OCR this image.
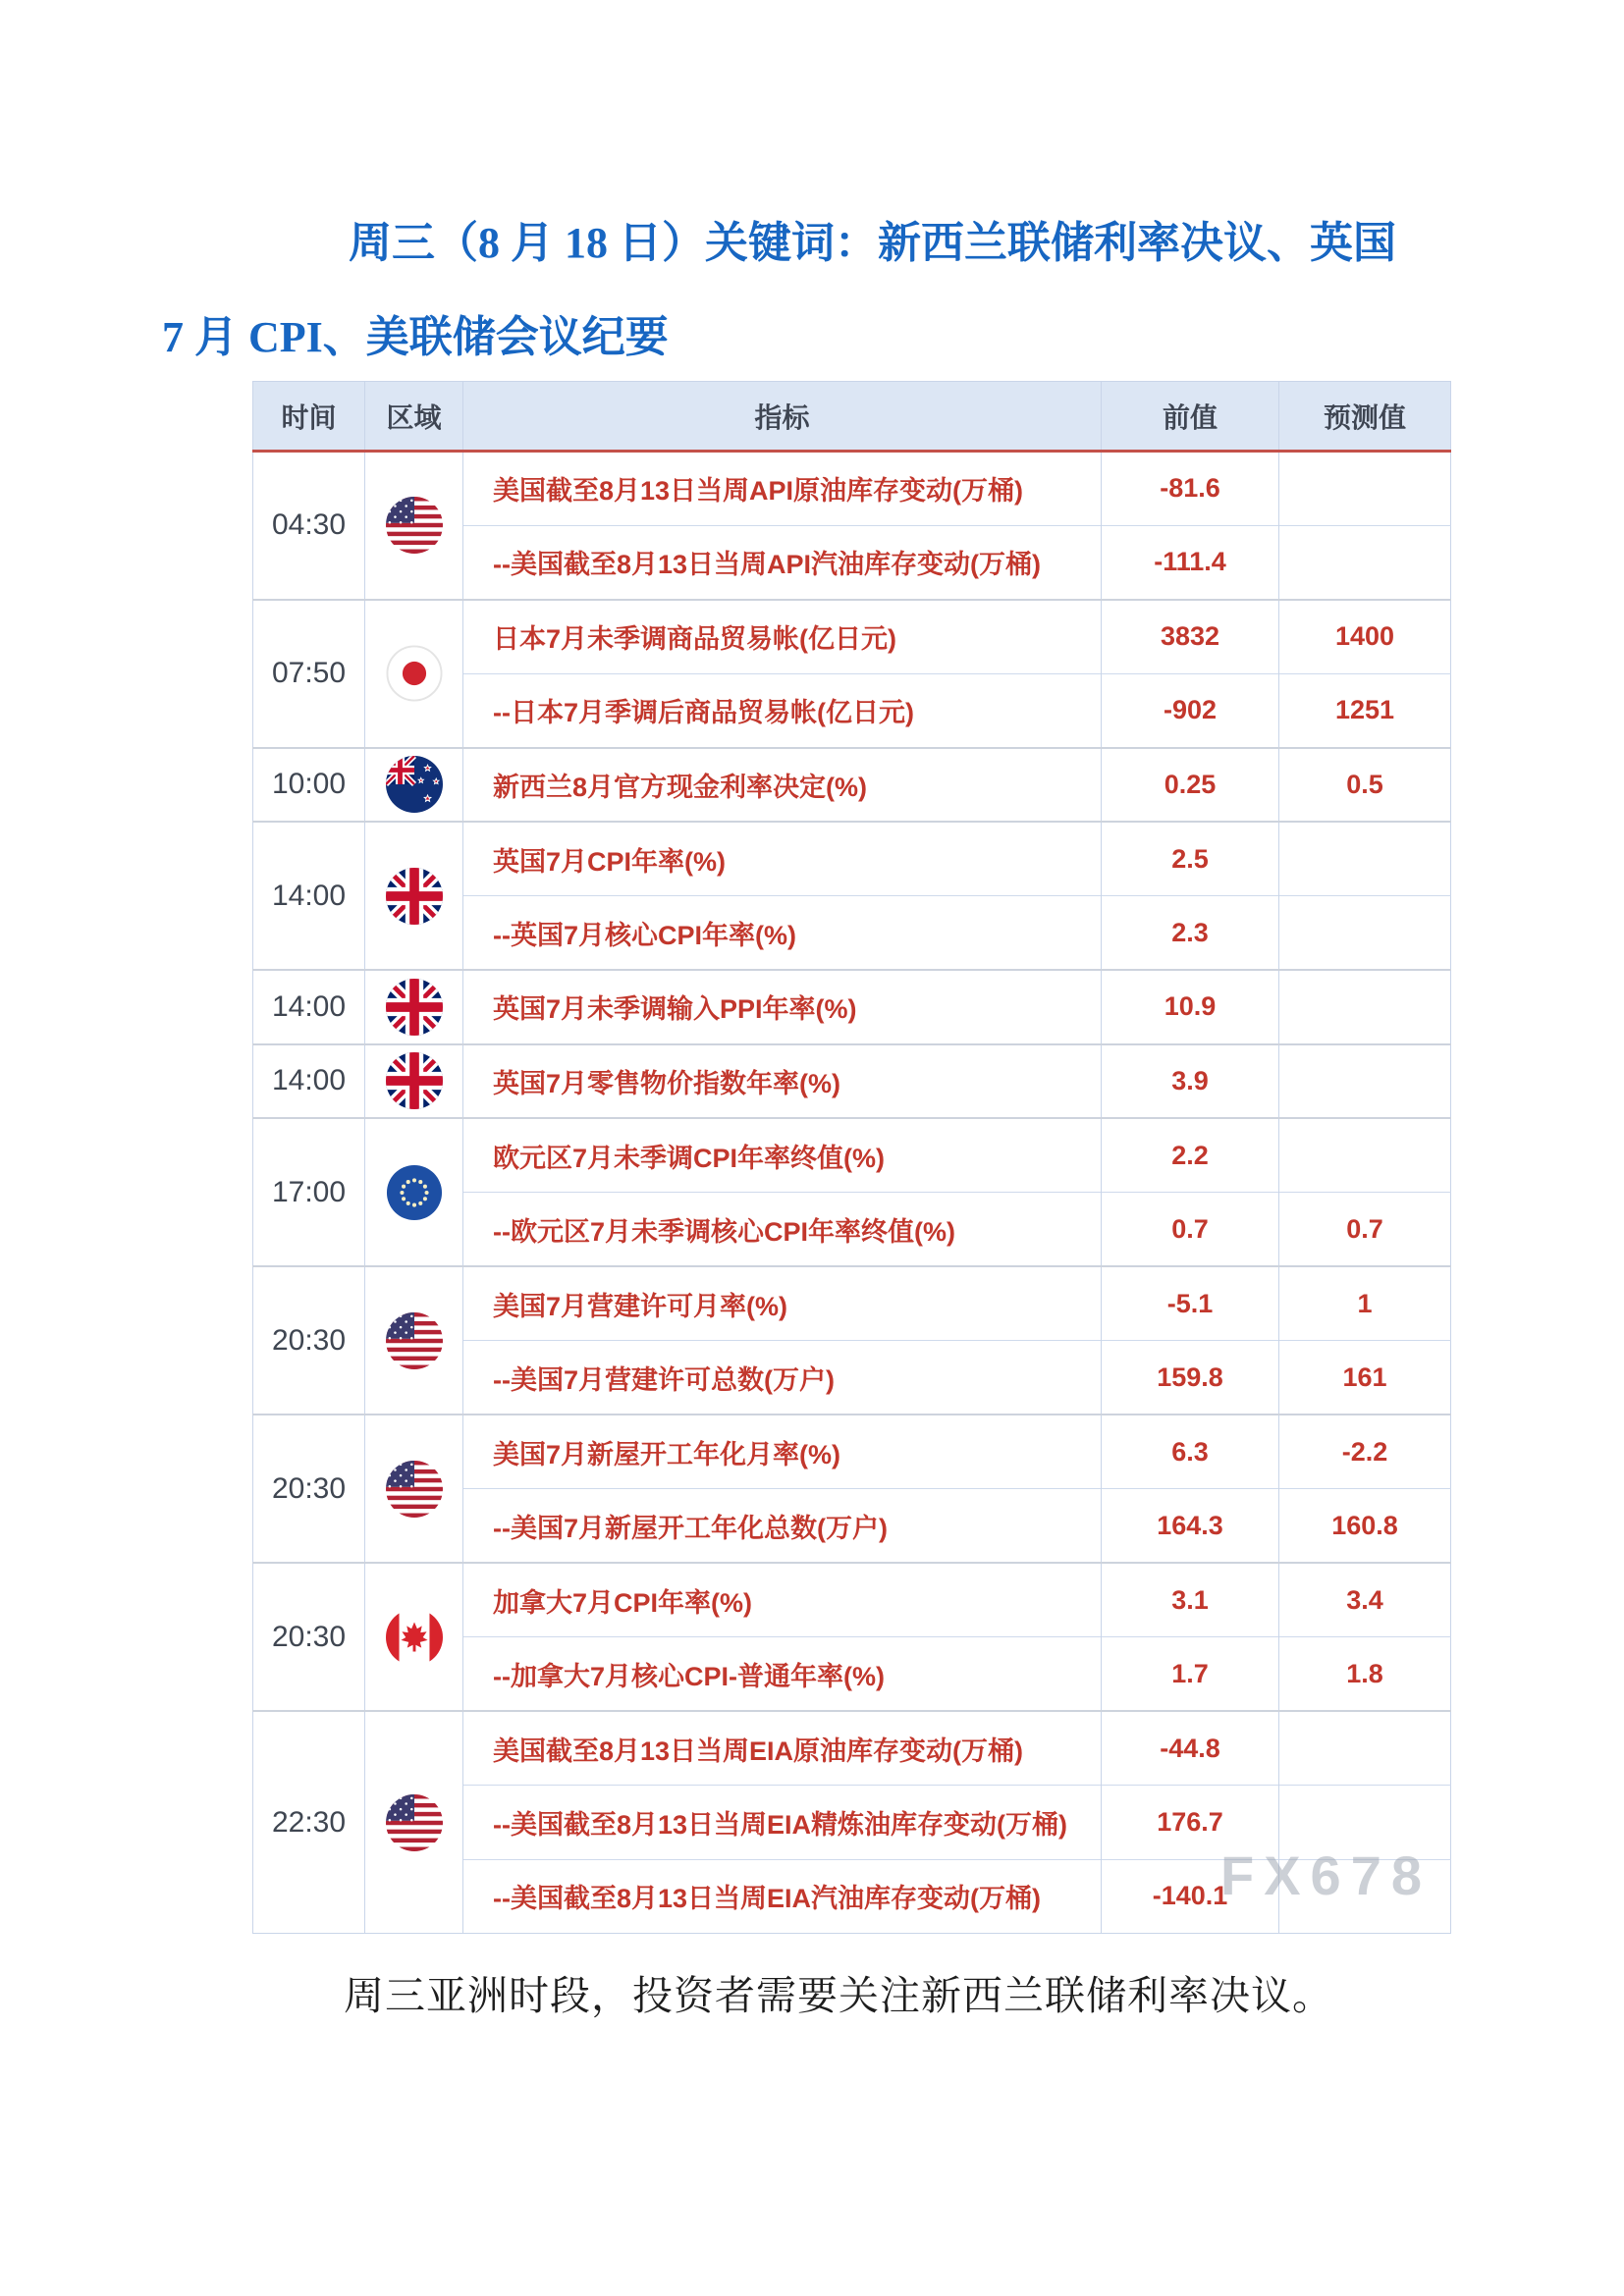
周三（8 月 18 日）关键词：新西兰联储利率决议、英国
7 月 CPI、美联储会议纪要
时间	区域	指标	前值	预测值
04:30		美国截至8月13日当周API原油库存变动(万桶)	-81.6	
		--美国截至8月13日当周API汽油库存变动(万桶)	-111.4	
07:50		日本7月未季调商品贸易帐(亿日元)	3832	1400
		--日本7月季调后商品贸易帐(亿日元)	-902	1251
10:00		新西兰8月官方现金利率决定(%)	0.25	0.5
14:00		英国7月CPI年率(%)	2.5	
		--英国7月核心CPI年率(%)	2.3	
14:00		英国7月未季调输入PPI年率(%)	10.9	
14:00		英国7月零售物价指数年率(%)	3.9	
17:00		欧元区7月未季调CPI年率终值(%)	2.2	
		--欧元区7月未季调核心CPI年率终值(%)	0.7	0.7
20:30		美国7月营建许可月率(%)	-5.1	1
		--美国7月营建许可总数(万户)	159.8	161
20:30		美国7月新屋开工年化月率(%)	6.3	-2.2
		--美国7月新屋开工年化总数(万户)	164.3	160.8
20:30		加拿大7月CPI年率(%)	3.1	3.4
		--加拿大7月核心CPI-普通年率(%)	1.7	1.8
22:30		美国截至8月13日当周EIA原油库存变动(万桶)	-44.8	
		--美国截至8月13日当周EIA精炼油库存变动(万桶)	176.7	
		--美国截至8月13日当周EIA汽油库存变动(万桶)	-140.1	
FX678
周三亚洲时段，投资者需要关注新西兰联储利率决议。
